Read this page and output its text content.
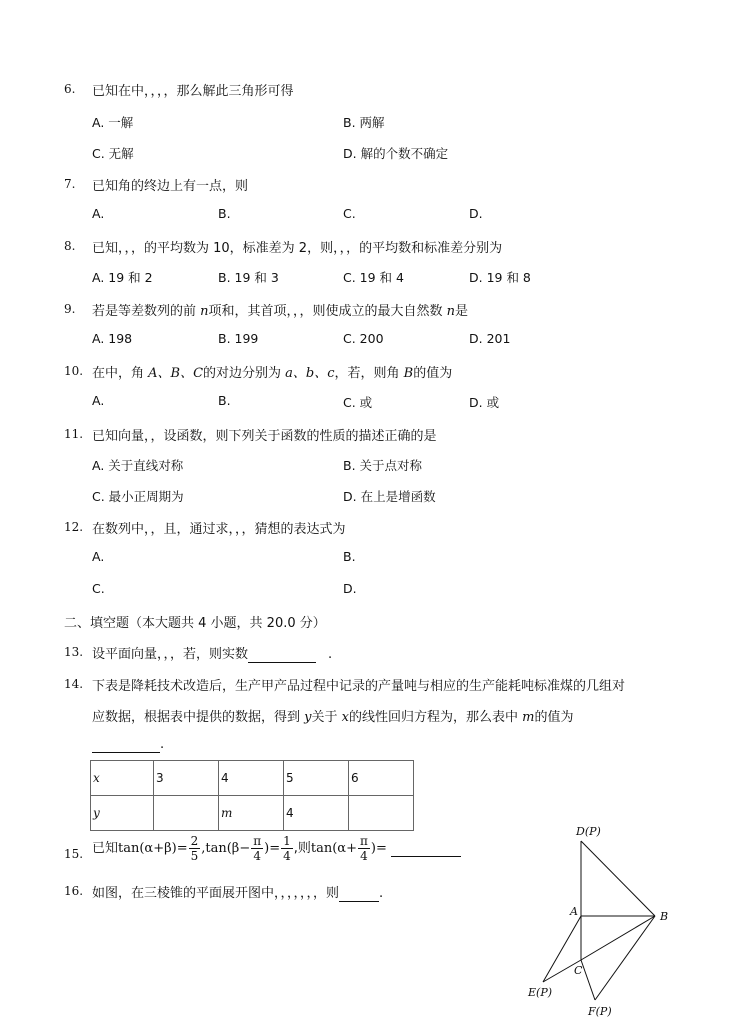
6. 已知在中，，，，那么解此三角形可得
A. 一解	B. 两解
C. 无解	D. 解的个数不确定
7. 已知角的终边上有一点，则
A.	B.	C.	D.
8. 已知，，，的平均数为 10，标准差为 2，则，，，的平均数和标准差分别为
A. 19 和 2	B. 19 和 3	C. 19 和 4	D. 19 和 8
9. 若是等差数列的前 n项和，其首项，，，则使成立的最大自然数 n是
A. 198	B. 199	C. 200	D. 201
10. 在中，角 A、B、C的对边分别为 a、b、c，若，则角 B的值为
A.	B.	C. 或	D. 或
11. 已知向量，，设函数，则下列关于函数的性质的描述正确的是
A. 关于直线对称	B. 关于点对称
C. 最小正周期为	D. 在上是增函数
12. 在数列中，，且，通过求，，，猜想的表达式为
A.	B.
C.	D.
二、填空题（本大题共 4 小题，共 20.0 分）
13. 设平面向量，，，若，则实数	.
14. 下表是降耗技术改造后，生产甲产品过程中记录的产量吨与相应的生产能耗吨标准煤的几组对
应数据，根据表中提供的数据，得到 y关于 x的线性回归方程为，那么表中 m的值为
.
x	3	4	5	6
y		m	4	
15. 已知$\tan(\alpha+\beta)= \frac{2}{5} ,\tan(\beta- \frac{\pi}{4}$ )= $\frac{1}{4}$ ,则$\tan(\alpha+ \frac{\pi}{4}$ )=
16. 如图，在三棱锥的平面展开图中，，，，，，，则	.
D(P)
A	B
C
E(P)
F(P)
